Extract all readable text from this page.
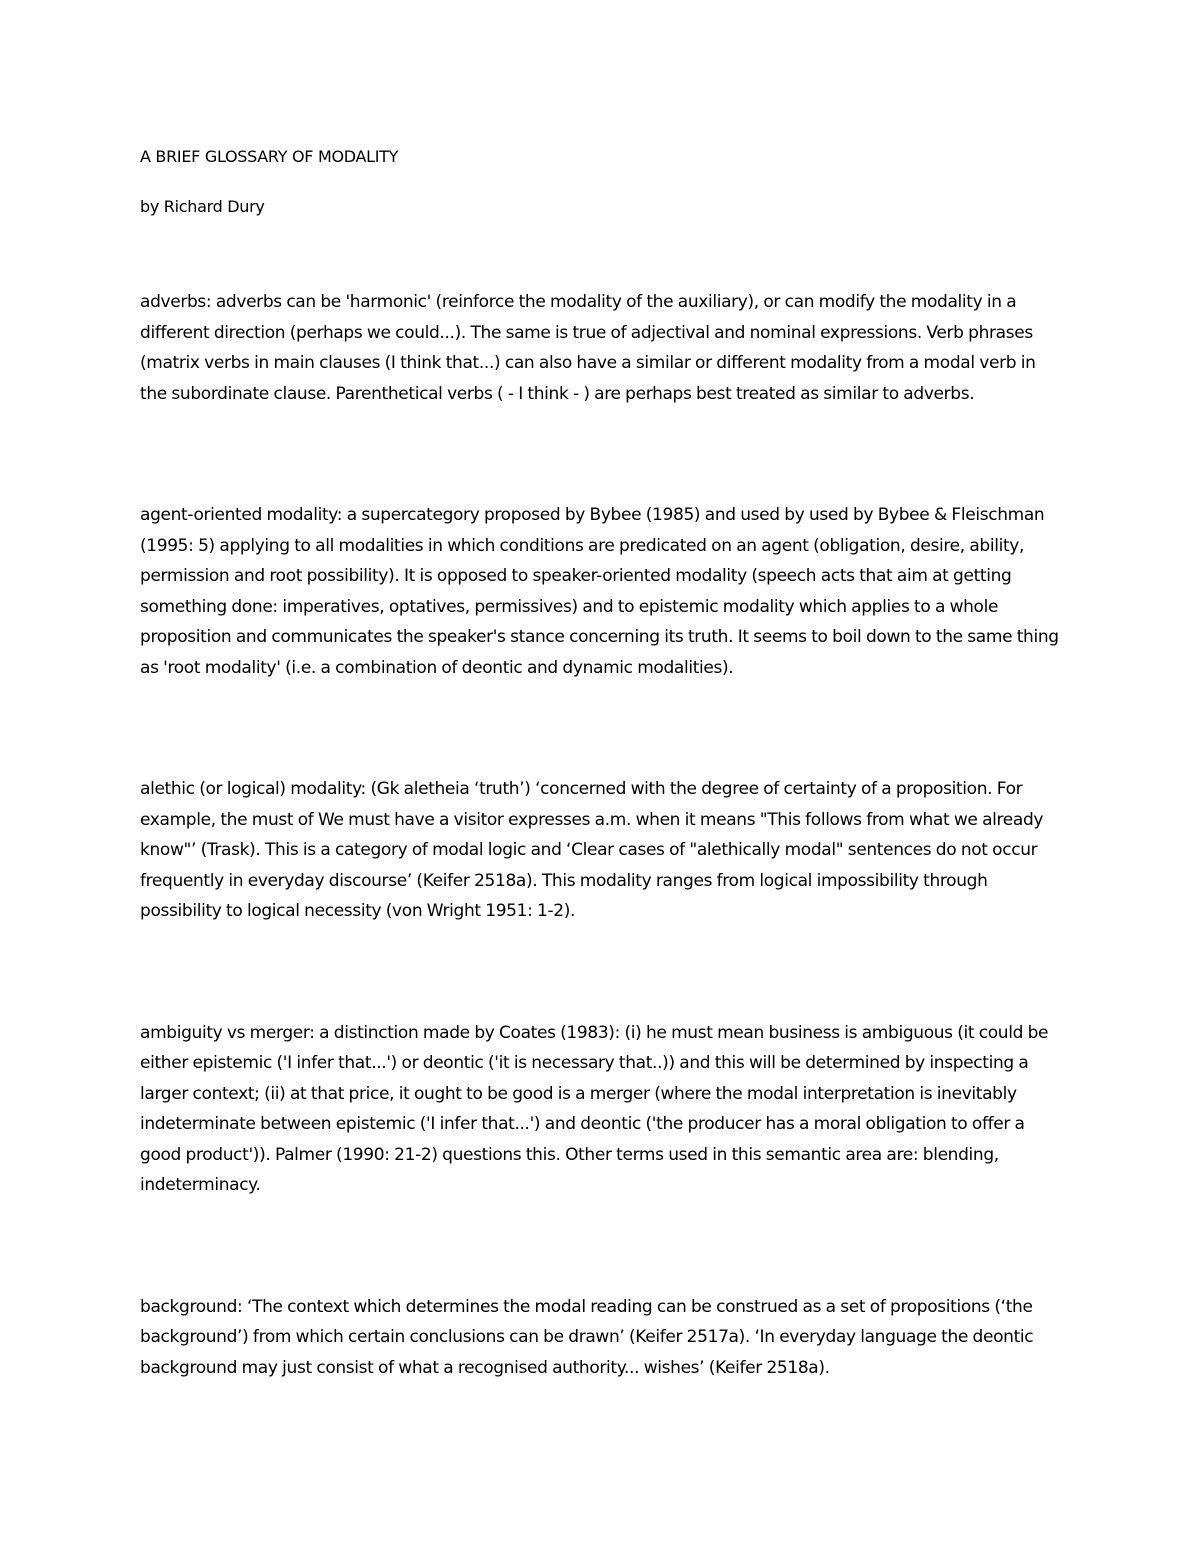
A BRIEF GLOSSARY OF MODALITY

by Richard Dury

adverbs: adverbs can be 'harmonic' (reinforce the modality of the auxiliary), or can modify the modality in a different direction (perhaps we could...). The same is true of adjectival and nominal expressions. Verb phrases (matrix verbs in main clauses (I think that...) can also have a similar or different modality from a modal verb in the subordinate clause. Parenthetical verbs ( - I think - ) are perhaps best treated as similar to adverbs.

agent-oriented modality: a supercategory proposed by Bybee (1985) and used by used by Bybee & Fleischman (1995: 5) applying to all modalities in which conditions are predicated on an agent (obligation, desire, ability, permission and root possibility). It is opposed to speaker-oriented modality (speech acts that aim at getting something done: imperatives, optatives, permissives) and to epistemic modality which applies to a whole proposition and communicates the speaker's stance concerning its truth. It seems to boil down to the same thing as 'root modality' (i.e. a combination of deontic and dynamic modalities).

alethic (or logical) modality: (Gk aletheia ‘truth’) ‘concerned with the degree of certainty of a proposition. For example, the must of We must have a visitor expresses a.m. when it means "This follows from what we already know"’ (Trask). This is a category of modal logic and ‘Clear cases of "alethically modal" sentences do not occur frequently in everyday discourse’ (Keifer 2518a). This modality ranges from logical impossibility through possibility to logical necessity (von Wright 1951: 1-2).

ambiguity vs merger: a distinction made by Coates (1983): (i) he must mean business is ambiguous (it could be either epistemic ('I infer that...') or deontic ('it is necessary that..)) and this will be determined by inspecting a larger context; (ii) at that price, it ought to be good is a merger (where the modal interpretation is inevitably indeterminate between epistemic ('I infer that...') and deontic ('the producer has a moral obligation to offer a good product')). Palmer (1990: 21-2) questions this. Other terms used in this semantic area are: blending, indeterminacy.

background: ‘The context which determines the modal reading can be construed as a set of propositions (‘the background’) from which certain conclusions can be drawn’ (Keifer 2517a). ‘In everyday language the deontic background may just consist of what a recognised authority... wishes’ (Keifer 2518a).
